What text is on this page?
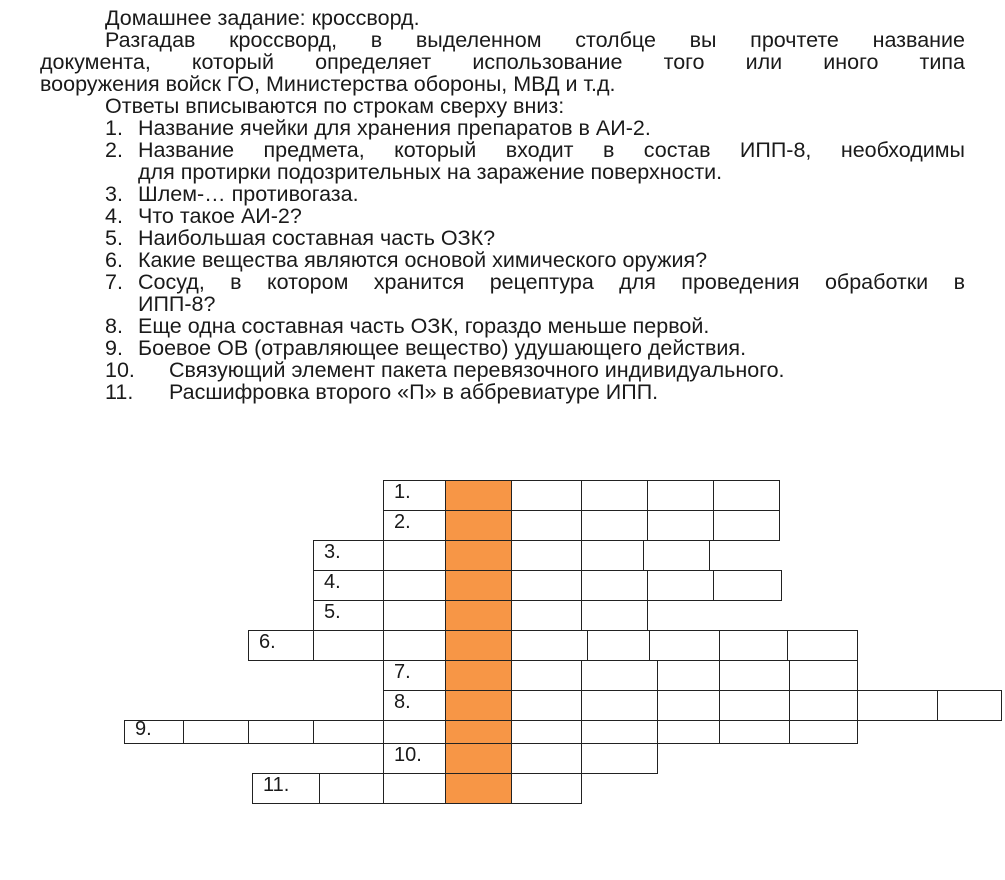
Домашнее задание: кроссворд.
Разгадав кроссворд, в выделенном столбце вы прочтете название
документа, который определяет использование того или иного типа
вооружения войск ГО, Министерства обороны, МВД и т.д.
Ответы вписываются по строкам сверху вниз:
1. Название ячейки для хранения препаратов в АИ-2.
2. Название предмета, который входит в состав ИПП-8, необходимы
для протирки подозрительных на заражение поверхности.
3. Шлем-… противогаза.
4. Что такое АИ-2?
5. Наибольшая составная часть ОЗК?
6. Какие вещества являются основой химического оружия?
7. Сосуд, в котором хранится рецептура для проведения обработки в
ИПП-8?
8. Еще одна составная часть ОЗК, гораздо меньше первой.
9. Боевое ОВ (отравляющее вещество) удушающего действия.
10. Связующий элемент пакета перевязочного индивидуального.
11. Расшифровка второго «П» в аббревиатуре ИПП.
1.
2.
3.
4.
5.
6.
7.
8.
9.
10.
11.
